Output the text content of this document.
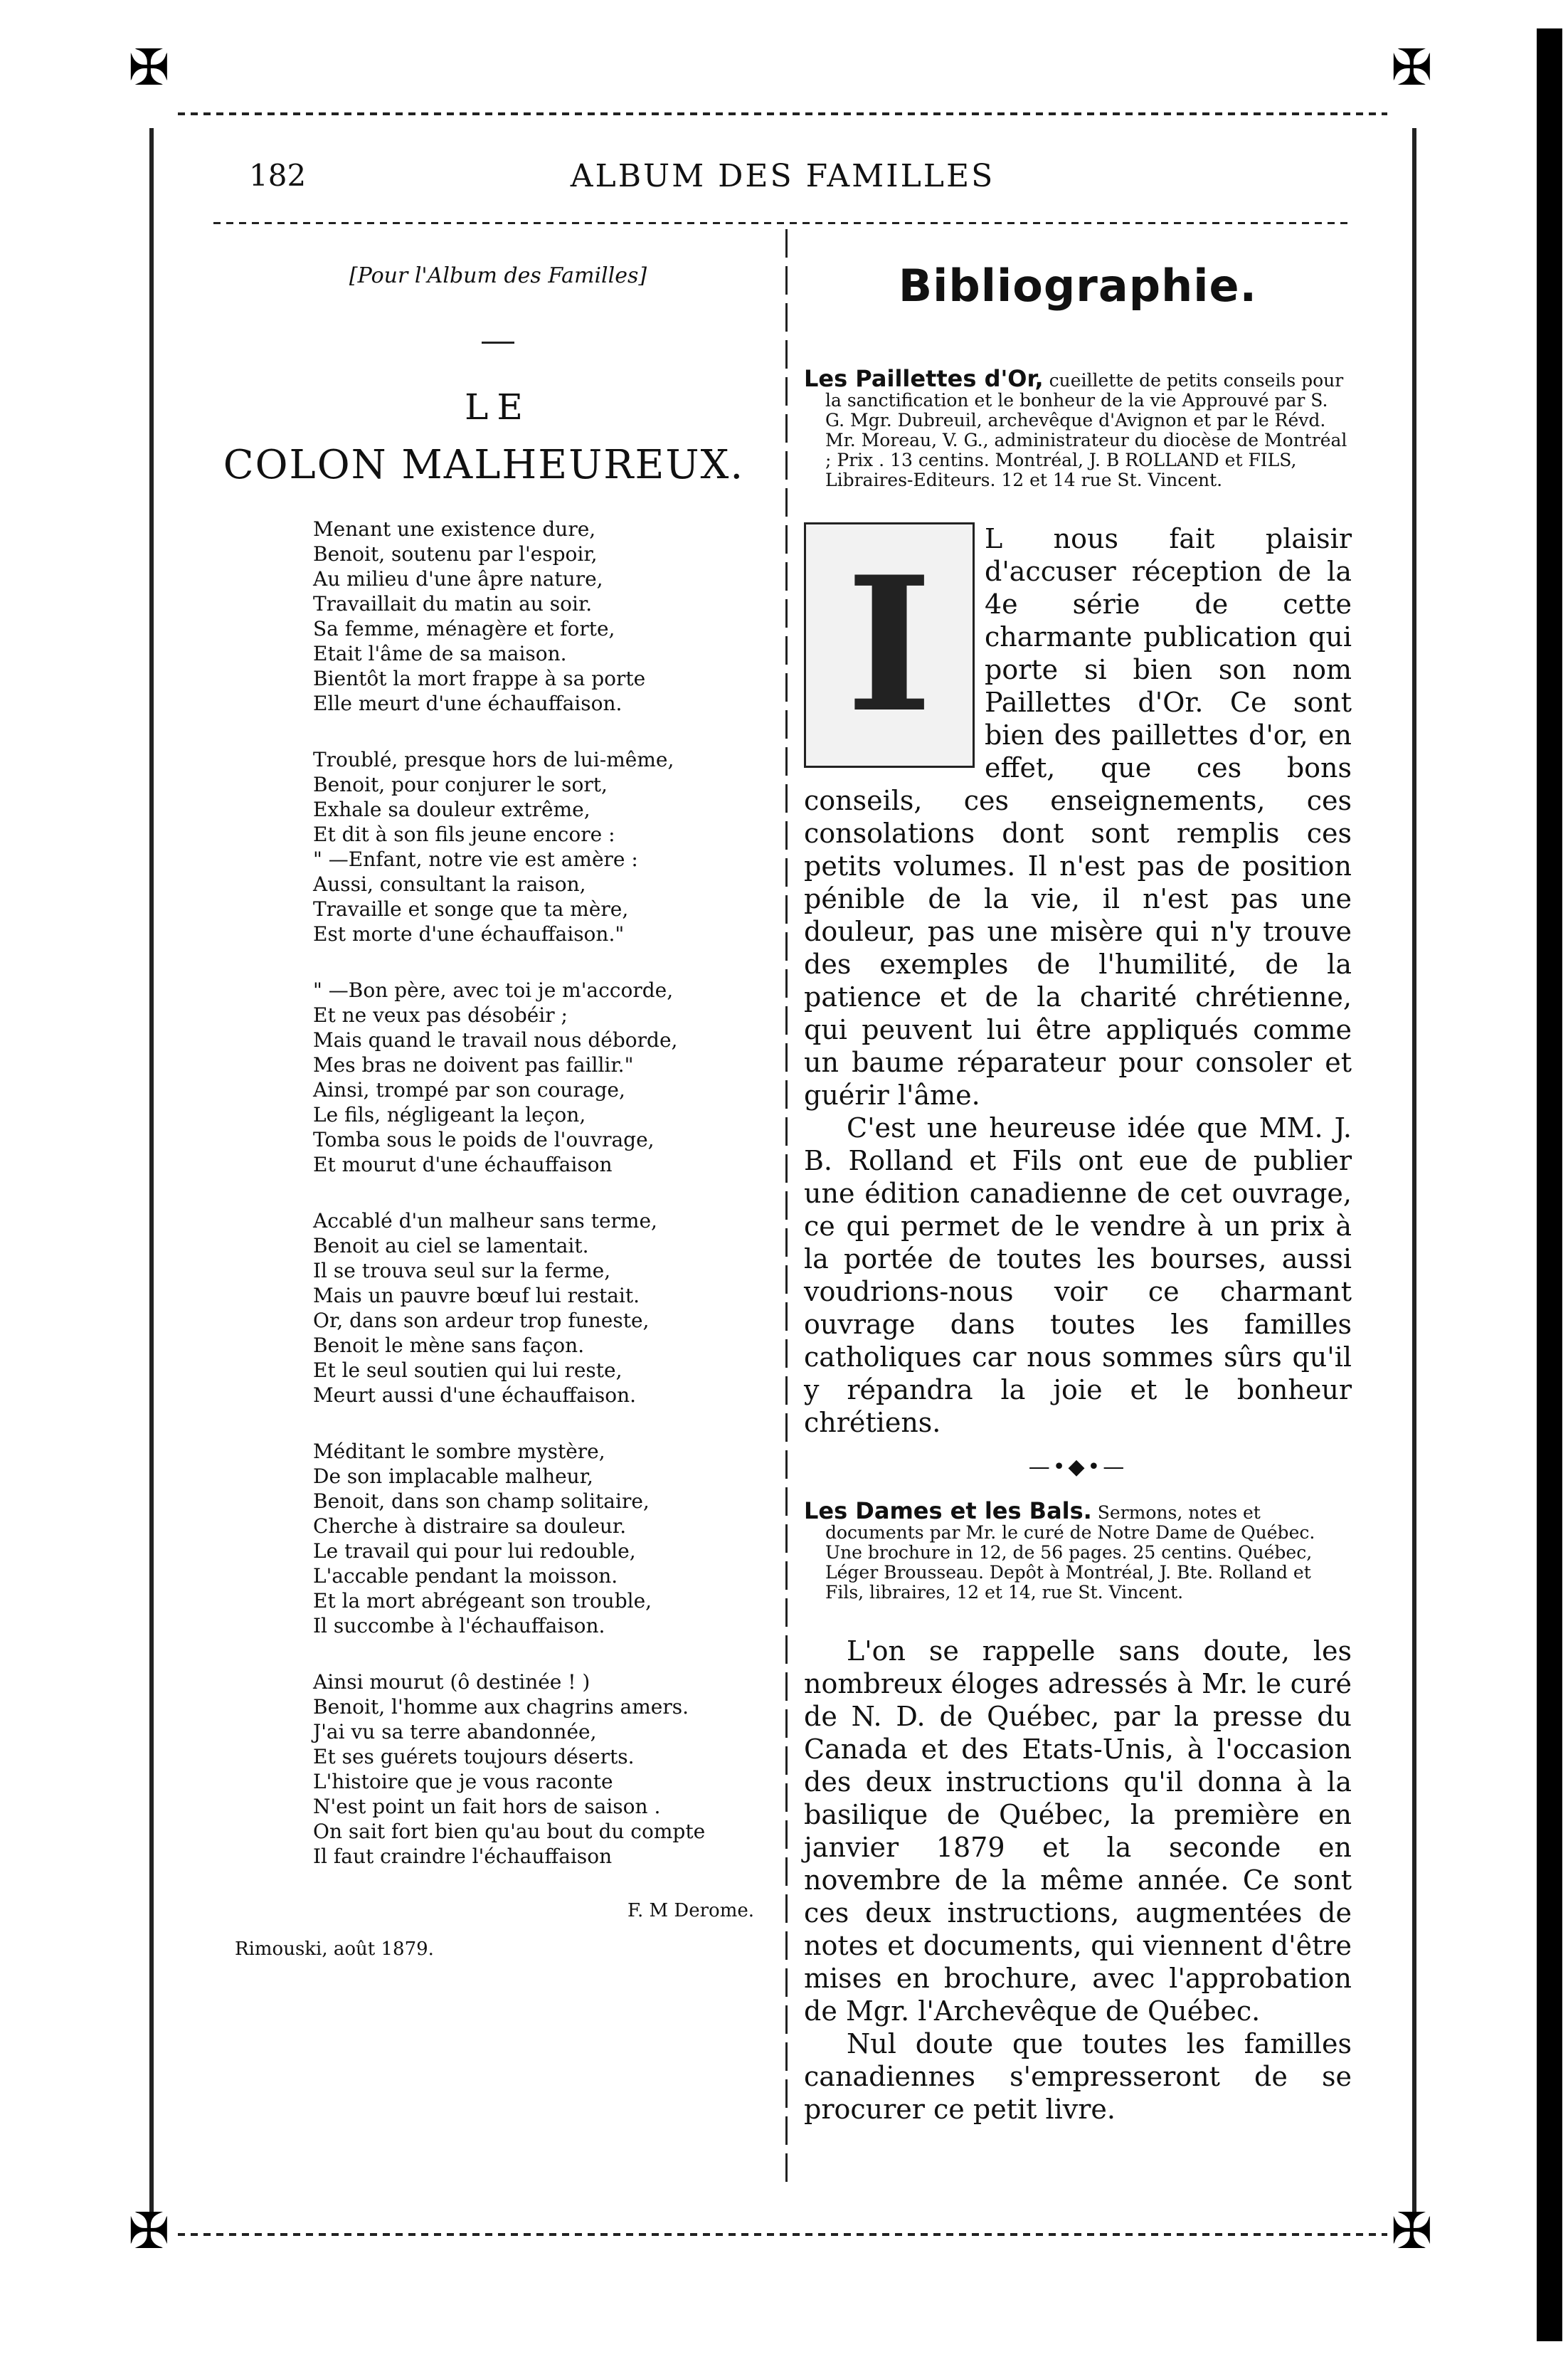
✠	✠
✠	✠
ALBUM DES FAMILLES
182
[Pour l'Album des Familles]
LE
COLON MALHEUREUX.
Menant une existence dure,
Benoit, soutenu par l'espoir,
Au milieu d'une âpre nature,
Travaillait du matin au soir.
Sa femme, ménagère et forte,
Etait l'âme de sa maison.
Bientôt la mort frappe à sa porte
Elle meurt d'une échauffaison.
Troublé, presque hors de lui-même,
Benoit, pour conjurer le sort,
Exhale sa douleur extrême,
Et dit à son fils jeune encore :
" —Enfant, notre vie est amère :
Aussi, consultant la raison,
Travaille et songe que ta mère,
Est morte d'une échauffaison."
" —Bon père, avec toi je m'accorde,
Et ne veux pas désobéir ;
Mais quand le travail nous déborde,
Mes bras ne doivent pas faillir."
Ainsi, trompé par son courage,
Le fils, négligeant la leçon,
Tomba sous le poids de l'ouvrage,
Et mourut d'une échauffaison
Accablé d'un malheur sans terme,
Benoit au ciel se lamentait.
Il se trouva seul sur la ferme,
Mais un pauvre bœuf lui restait.
Or, dans son ardeur trop funeste,
Benoit le mène sans façon.
Et le seul soutien qui lui reste,
Meurt aussi d'une échauffaison.
Méditant le sombre mystère,
De son implacable malheur,
Benoit, dans son champ solitaire,
Cherche à distraire sa douleur.
Le travail qui pour lui redouble,
L'accable pendant la moisson.
Et la mort abrégeant son trouble,
Il succombe à l'échauffaison.
Ainsi mourut (ô destinée ! )
Benoit, l'homme aux chagrins amers.
J'ai vu sa terre abandonnée,
Et ses guérets toujours déserts.
L'histoire que je vous raconte
N'est point un fait hors de saison .
On sait fort bien qu'au bout du compte
Il faut craindre l'échauffaison
F. M Derome.
Rimouski, août 1879.
Bibliographie.
Les Paillettes d'Or, cueillette de petits conseils pour la sanctification et le bonheur de la vie Approuvé par S. G. Mgr. Dubreuil, archevêque d'Avignon et par le Révd. Mr. Moreau, V. G., administrateur du diocèse de Montréal ; Prix . 13 centins. Montréal, J. B ROLLAND et FILS, Libraires-Editeurs. 12 et 14 rue St. Vincent.
I	L nous fait plaisir d'accuser réception de la 4e série de cette charmante publication qui porte si bien son nom Paillettes d'Or. Ce sont bien des paillettes d'or, en effet, que ces bons conseils, ces enseignements, ces consolations dont sont remplis ces petits volumes. Il n'est pas de position pénible de la vie, il n'est pas une douleur, pas une misère qui n'y trouve des exemples de l'humilité, de la patience et de la charité chrétienne, qui peuvent lui être appliqués comme un baume réparateur pour consoler et guérir l'âme.

C'est une heureuse idée que MM. J. B. Rolland et Fils ont eue de publier une édition canadienne de cet ouvrage, ce qui permet de le vendre à un prix à la portée de toutes les bourses, aussi voudrions-nous voir ce charmant ouvrage dans toutes les familles catholiques car nous sommes sûrs qu'il y répandra la joie et le bonheur chrétiens.

—•◆•—
Les Dames et les Bals. Sermons, notes et documents par Mr. le curé de Notre Dame de Québec. Une brochure in 12, de 56 pages. 25 centins. Québec, Léger Brousseau. Depôt à Montréal, J. Bte. Rolland et Fils, libraires, 12 et 14, rue St. Vincent.

L'on se rappelle sans doute, les nombreux éloges adressés à Mr. le curé de N. D. de Québec, par la presse du Canada et des Etats-Unis, à l'occasion des deux instructions qu'il donna à la basilique de Québec, la première en janvier 1879 et la seconde en novembre de la même année. Ce sont ces deux instructions, augmentées de notes et documents, qui viennent d'être mises en brochure, avec l'approbation de Mgr. l'Archevêque de Québec.

Nul doute que toutes les familles canadiennes s'empresseront de se procurer ce petit livre.
